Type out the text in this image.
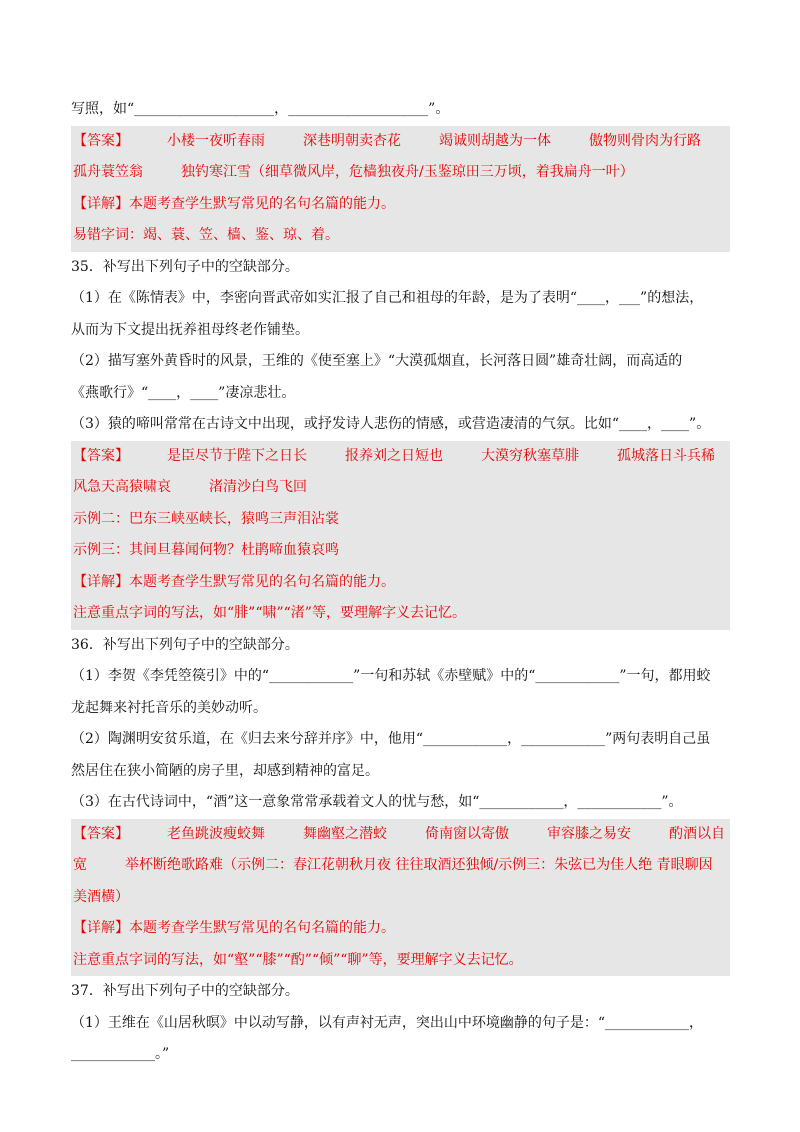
写照，如“____________________，____________________”。
【答案】	小楼一夜听春雨	深巷明朝卖杏花	竭诚则胡越为一体	傲物则骨肉为行路
孤舟蓑笠翁	独钓寒江雪（细草微风岸，危樯独夜舟/玉鉴琼田三万顷，着我扁舟一叶）
【详解】本题考查学生默写常见的名句名篇的能力。
易错字词：竭、蓑、笠、樯、鉴、琼、着。
35．补写出下列句子中的空缺部分。
（1）在《陈情表》中，李密向晋武帝如实汇报了自己和祖母的年龄，是为了表明“____，___”的想法，
从而为下文提出抚养祖母终老作铺垫。
（2）描写塞外黄昏时的风景，王维的《使至塞上》“大漠孤烟直，长河落日圆”雄奇壮阔，而高适的
《燕歌行》“____，____”凄凉悲壮。
（3）猿的啼叫常常在古诗文中出现，或抒发诗人悲伤的情感，或营造凄清的气氛。比如“____，____”。
【答案】	是臣尽节于陛下之日长	报养刘之日短也	大漠穷秋塞草腓	孤城落日斗兵稀
风急天高猿啸哀	渚清沙白鸟飞回
示例二：巴东三峡巫峡长，猿鸣三声泪沾裳
示例三：其间旦暮闻何物？杜鹃啼血猿哀鸣
【详解】本题考查学生默写常见的名句名篇的能力。
注意重点字词的写法，如“腓”“啸”“渚”等，要理解字义去记忆。
36．补写出下列句子中的空缺部分。
（1）李贺《李凭箜篌引》中的“____________”一句和苏轼《赤壁赋》中的“____________”一句，都用蛟
龙起舞来衬托音乐的美妙动听。
（2）陶渊明安贫乐道，在《归去来兮辞并序》中，他用“____________，____________”两句表明自己虽
然居住在狭小简陋的房子里，却感到精神的富足。
（3）在古代诗词中，“酒”这一意象常常承载着文人的忧与愁，如“____________，____________”。
【答案】	老鱼跳波瘦蛟舞	舞幽壑之潜蛟	倚南窗以寄傲	审容膝之易安	酌酒以自
宽	举杯断绝歌路难（示例二：春江花朝秋月夜 往往取酒还独倾/示例三：朱弦已为佳人绝 青眼聊因
美酒横）
【详解】本题考查学生默写常见的名句名篇的能力。
注意重点字词的写法，如“壑”“膝”“酌”“倾”“聊”等，要理解字义去记忆。
37．补写出下列句子中的空缺部分。
（1）王维在《山居秋暝》中以动写静，以有声衬无声，突出山中环境幽静的句子是：“____________，
____________。”
